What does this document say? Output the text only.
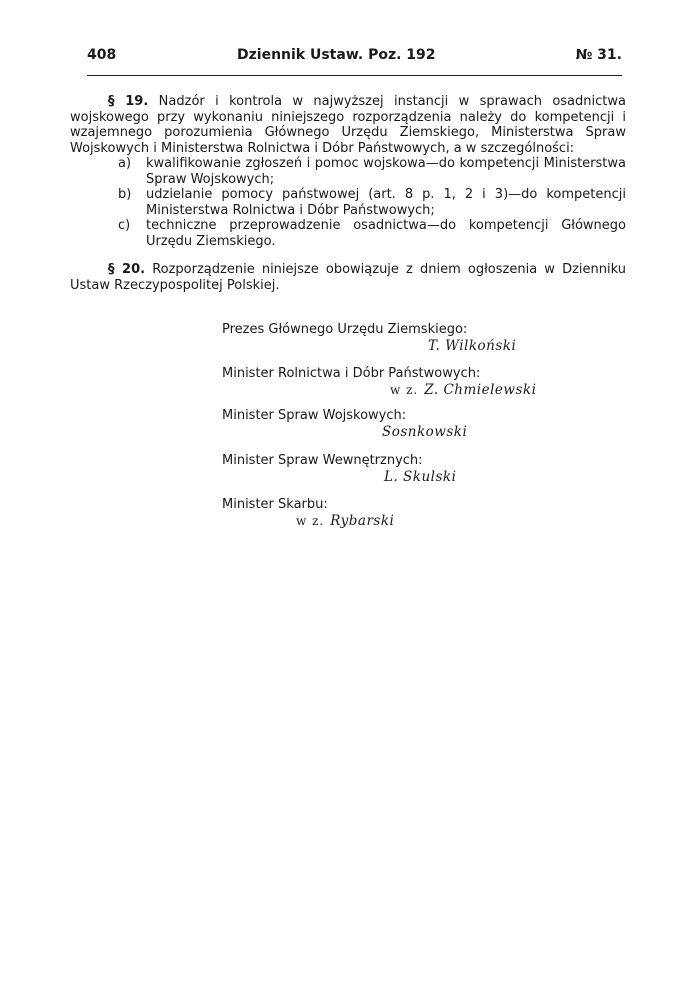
408	Dziennik Ustaw. Poz. 192	№ 31.

§ 19. Nadzór i kontrola w najwyższej instancji w sprawach osadnictwa wojskowego przy wykonaniu niniejszego rozporządzenia należy do kompetencji i wzajemnego porozumienia Głównego Urzędu Ziemskiego, Ministerstwa Spraw Wojskowych i Ministerstwa Rolnictwa i Dóbr Państwowych, a w szczególności:

a) kwalifikowanie zgłoszeń i pomoc wojskowa—do kompetencji Ministerstwa Spraw Wojskowych;
b) udzielanie pomocy państwowej (art. 8 p. 1, 2 i 3)—do kompetencji Ministerstwa Rolnictwa i Dóbr Państwowych;
c) techniczne przeprowadzenie osadnictwa—do kompetencji Głównego Urzędu Ziemskiego.

§ 20. Rozporządzenie niniejsze obowiązuje z dniem ogłoszenia w Dzienniku Ustaw Rzeczypospolitej Polskiej.

Prezes Głównego Urzędu Ziemskiego:
T. Wilkoński
Minister Rolnictwa i Dóbr Państwowych:
w z. Z. Chmielewski
Minister Spraw Wojskowych:
Sosnkowski
Minister Spraw Wewnętrznych:
L. Skulski
Minister Skarbu:
w z. Rybarski
